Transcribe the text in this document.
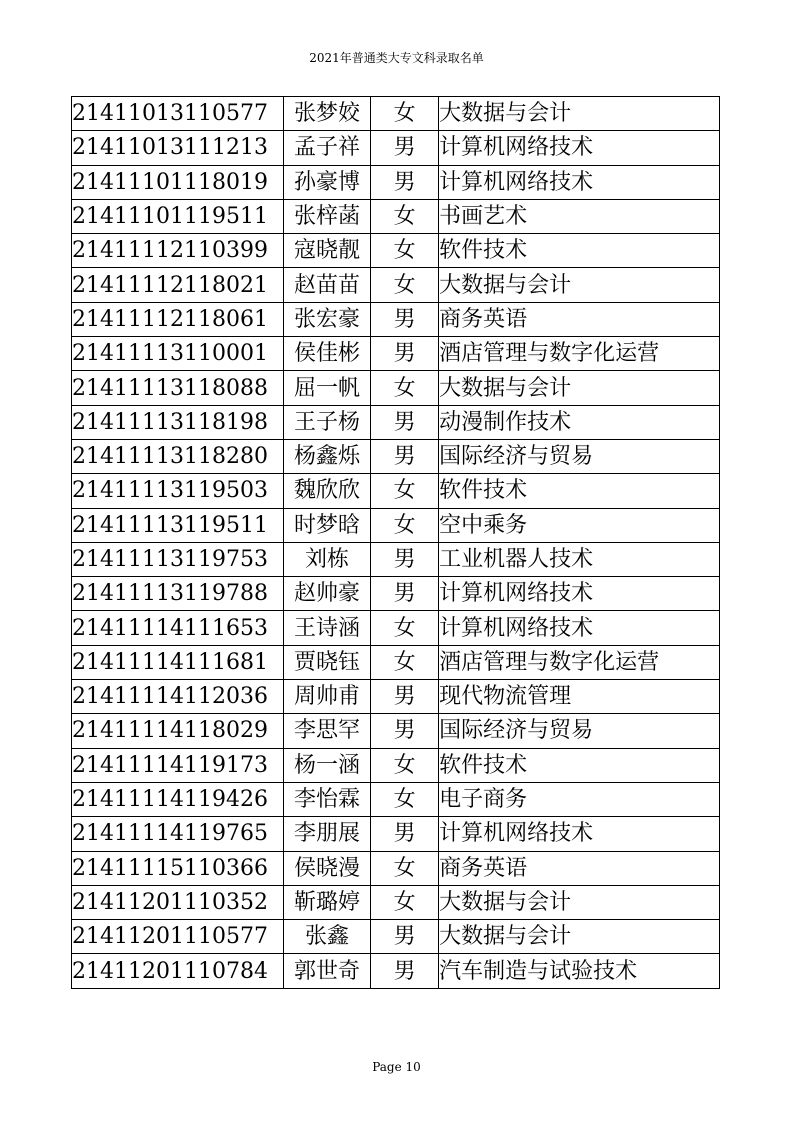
2021年普通类大专文科录取名单
21411013110577	张梦姣	女	大数据与会计
21411013111213	孟子祥	男	计算机网络技术
21411101118019	孙豪博	男	计算机网络技术
21411101119511	张梓菡	女	书画艺术
21411112110399	寇晓靓	女	软件技术
21411112118021	赵苗苗	女	大数据与会计
21411112118061	张宏豪	男	商务英语
21411113110001	侯佳彬	男	酒店管理与数字化运营
21411113118088	屈一帆	女	大数据与会计
21411113118198	王子杨	男	动漫制作技术
21411113118280	杨鑫烁	男	国际经济与贸易
21411113119503	魏欣欣	女	软件技术
21411113119511	时梦晗	女	空中乘务
21411113119753	刘栋	男	工业机器人技术
21411113119788	赵帅豪	男	计算机网络技术
21411114111653	王诗涵	女	计算机网络技术
21411114111681	贾晓钰	女	酒店管理与数字化运营
21411114112036	周帅甫	男	现代物流管理
21411114118029	李思罕	男	国际经济与贸易
21411114119173	杨一涵	女	软件技术
21411114119426	李怡霖	女	电子商务
21411114119765	李朋展	男	计算机网络技术
21411115110366	侯晓漫	女	商务英语
21411201110352	靳璐婷	女	大数据与会计
21411201110577	张鑫	男	大数据与会计
21411201110784	郭世奇	男	汽车制造与试验技术
Page 10
